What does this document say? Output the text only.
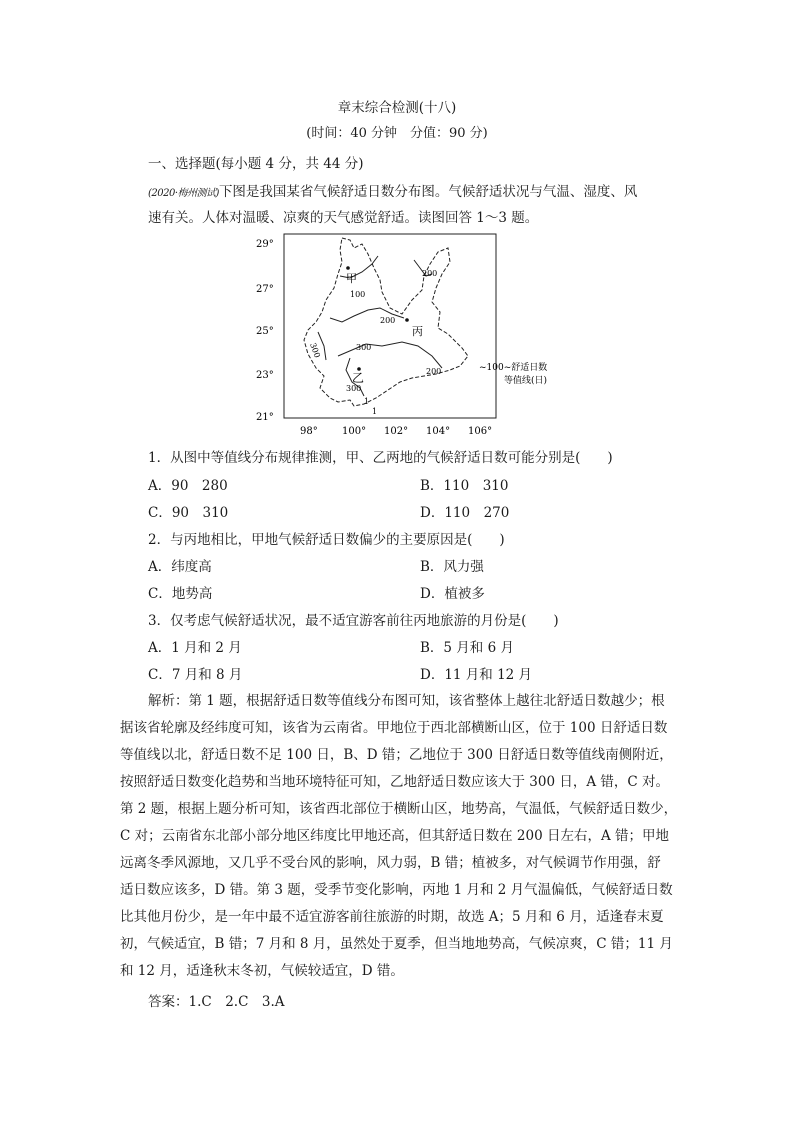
章末综合检测(十八)
(时间：40 分钟　分值：90 分)
一、选择题(每小题 4 分，共 44 分)
(2020·梅州测试)下图是我国某省气候舒适日数分布图。气候舒适状况与气温、湿度、风
速有关。人体对温暖、凉爽的天气感觉舒适。读图回答 1～3 题。
29°
27°
25°
23°
21°
98° 100° 102° 104° 106°
甲
乙
丙
100
200
200
200
300
300
300
1
1
~100~舒适日数
等值线(日)
1．从图中等值线分布规律推测，甲、乙两地的气候舒适日数可能分别是(　　)
A．90　280	B．110　310
C．90　310	D．110　270
2．与丙地相比，甲地气候舒适日数偏少的主要原因是(　　)
A．纬度高	B．风力强
C．地势高	D．植被多
3．仅考虑气候舒适状况，最不适宜游客前往丙地旅游的月份是(　　)
A．1 月和 2 月	B．5 月和 6 月
C．7 月和 8 月	D．11 月和 12 月
解析：第 1 题，根据舒适日数等值线分布图可知，该省整体上越往北舒适日数越少；根
据该省轮廓及经纬度可知，该省为云南省。甲地位于西北部横断山区，位于 100 日舒适日数
等值线以北，舒适日数不足 100 日，B、D 错；乙地位于 300 日舒适日数等值线南侧附近，
按照舒适日数变化趋势和当地环境特征可知，乙地舒适日数应该大于 300 日，A 错，C 对。
第 2 题，根据上题分析可知，该省西北部位于横断山区，地势高，气温低，气候舒适日数少，
C 对；云南省东北部小部分地区纬度比甲地还高，但其舒适日数在 200 日左右，A 错；甲地
远离冬季风源地，又几乎不受台风的影响，风力弱，B 错；植被多，对气候调节作用强，舒
适日数应该多，D 错。第 3 题，受季节变化影响，丙地 1 月和 2 月气温偏低，气候舒适日数
比其他月份少，是一年中最不适宜游客前往旅游的时期，故选 A；5 月和 6 月，适逢春末夏
初，气候适宜，B 错；7 月和 8 月，虽然处于夏季，但当地地势高，气候凉爽，C 错；11 月
和 12 月，适逢秋末冬初，气候较适宜，D 错。
答案：1.C　2.C　3.A
